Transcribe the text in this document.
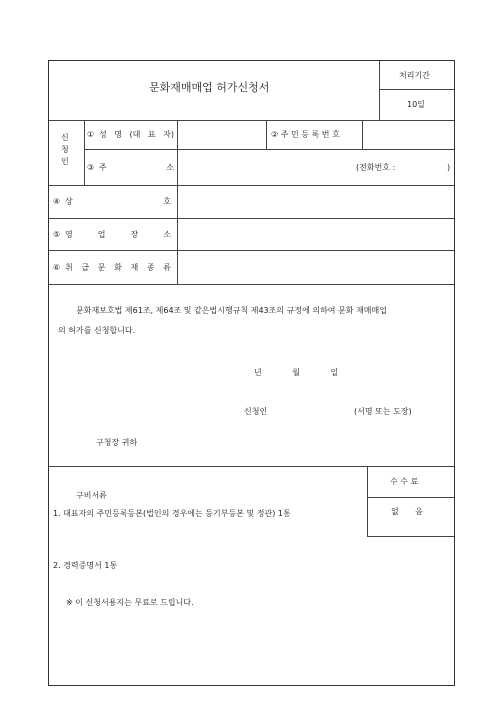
문화재매매업 허가신청서
처리기간
10일
신
청
인
① 성 명 (대 표 자)	② 주 민 등 록 번 호
③ 주	소	(전화번호 :	)
④ 상	호
⑤ 영	업	장	소
⑥ 취 급 문 화 재 종 류
문화재보호법 제61조, 제64조 및 같은법시행규칙 제43조의 규정에 의하여 문화 재매매업
의 허가를 신청합니다.
년 월 일
신청인	(서명 또는 도장)
구청장 귀하
구비서류
1. 대표자의 주민등록등본(법인의 경우에는 등기부등본 및 정관) 1통
2. 경력증명서 1통
※ 이 신청서용지는 무료로 드립니다.
수 수 료
없 음
